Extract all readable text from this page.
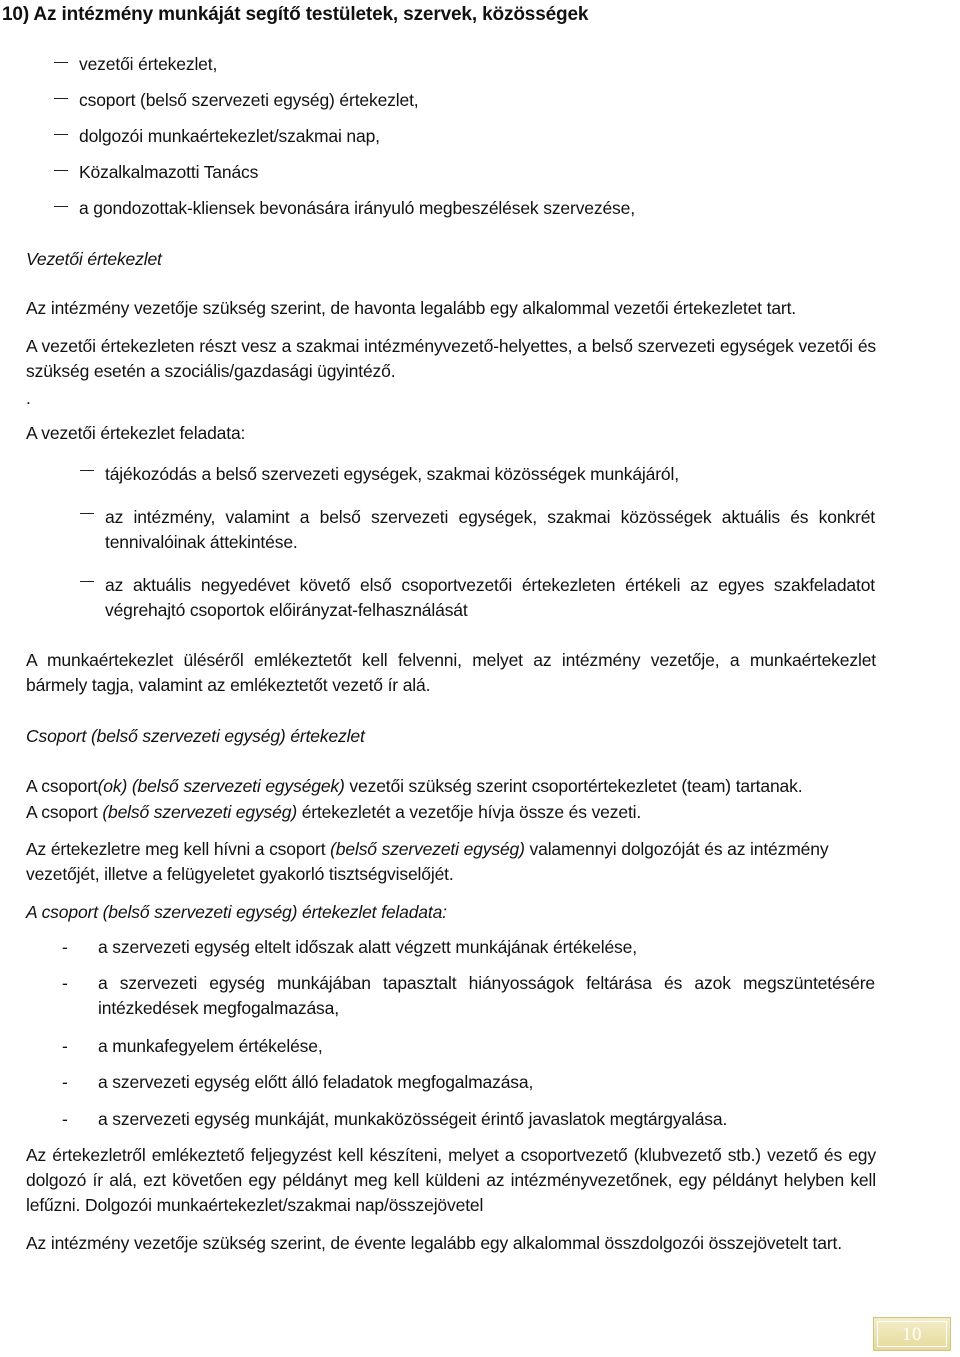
10) Az intézmény munkáját segítő testületek, szervek, közösségek
vezetői értekezlet,
csoport (belső szervezeti egység) értekezlet,
dolgozói munkaértekezlet/szakmai nap,
Közalkalmazotti Tanács
a gondozottak-kliensek bevonására irányuló megbeszélések szervezése,
Vezetői értekezlet
Az intézmény vezetője szükség szerint, de havonta legalább egy alkalommal vezetői értekezletet tart.
A vezetői értekezleten részt vesz a szakmai intézményvezető-helyettes, a belső szervezeti egységek vezetői és szükség esetén a szociális/gazdasági ügyintéző.
.
A vezetői értekezlet feladata:
tájékozódás a belső szervezeti egységek, szakmai közösségek munkájáról,
az intézmény, valamint a belső szervezeti egységek, szakmai közösségek aktuális és konkrét tennivalóinak áttekintése.
az aktuális negyedévet követő első csoportvezetői értekezleten értékeli az egyes szakfeladatot végrehajtó csoportok előirányzat-felhasználását
A munkaértekezlet üléséről emlékeztetőt kell felvenni, melyet az intézmény vezetője, a munkaértekezlet bármely tagja, valamint az emlékeztetőt vezető ír alá.
Csoport (belső szervezeti egység) értekezlet
A csoport(ok) (belső szervezeti egységek) vezetői szükség szerint csoportértekezletet (team) tartanak.
A csoport (belső szervezeti egység) értekezletét a vezetője hívja össze és vezeti.
Az értekezletre meg kell hívni a csoport (belső szervezeti egység) valamennyi dolgozóját és az intézmény
vezetőjét, illetve a felügyeletet gyakorló tisztségviselőjét.
A csoport (belső szervezeti egység) értekezlet feladata:
- a szervezeti egység eltelt időszak alatt végzett munkájának értékelése,
- a szervezeti egység munkájában tapasztalt hiányosságok feltárása és azok megszüntetésére intézkedések megfogalmazása,
- a munkafegyelem értékelése,
- a szervezeti egység előtt álló feladatok megfogalmazása,
- a szervezeti egység munkáját, munkaközösségeit érintő javaslatok megtárgyalása.
Az értekezletről emlékeztető feljegyzést kell készíteni, melyet a csoportvezető (klubvezető stb.) vezető és egy dolgozó ír alá, ezt követően egy példányt meg kell küldeni az intézményvezetőnek, egy példányt helyben kell lefűzni. Dolgozói munkaértekezlet/szakmai nap/összejövetel
Az intézmény vezetője szükség szerint, de évente legalább egy alkalommal összdolgozói összejövetelt tart.
10
